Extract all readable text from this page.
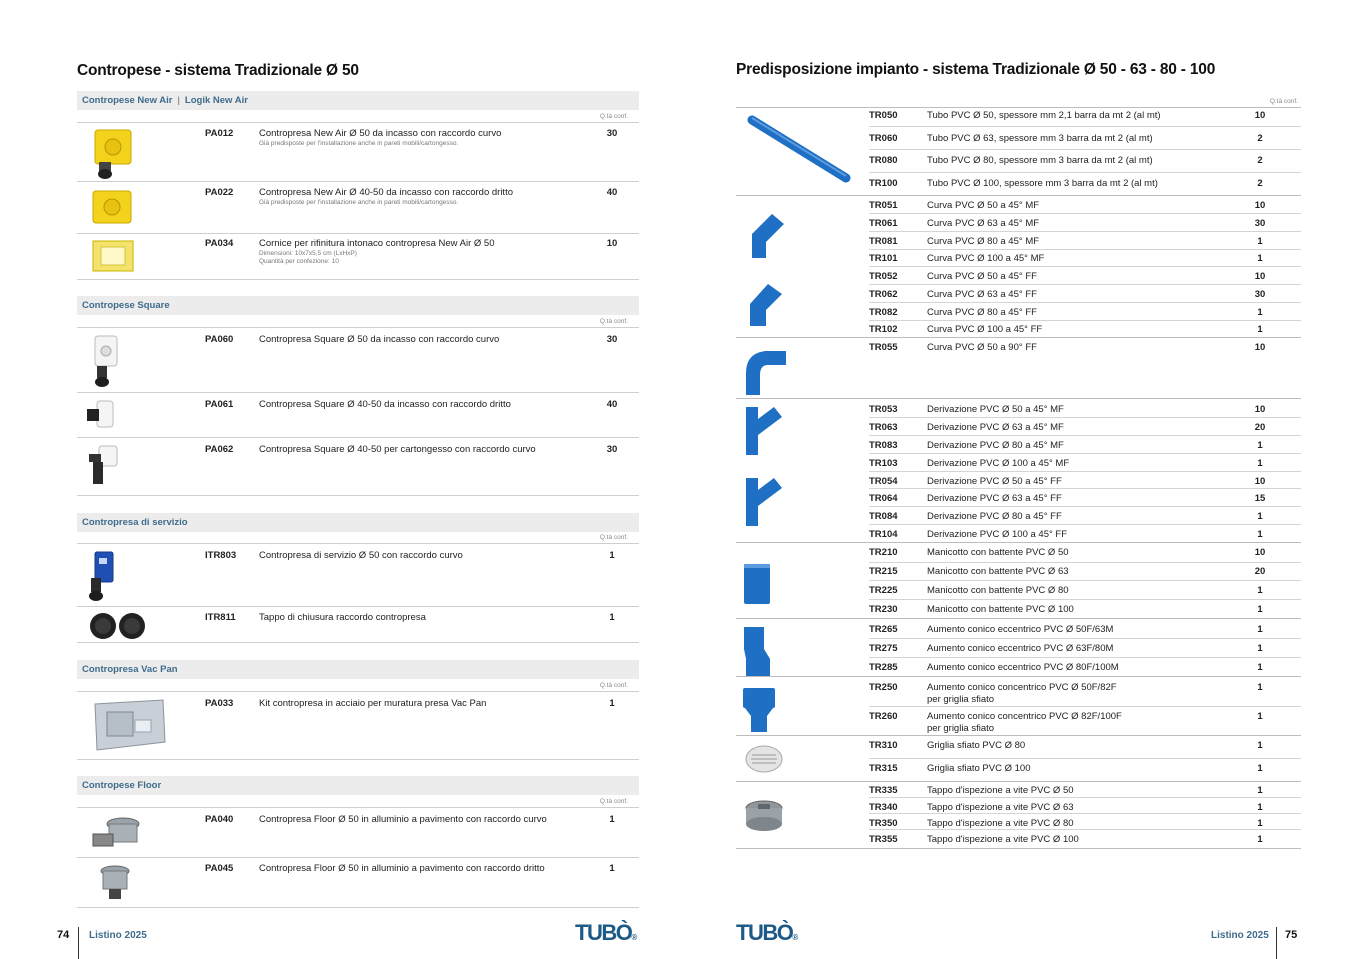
Contropese - sistema Tradizionale Ø 50
Contropese New Air | Logik New Air
Q.tà conf.
PA012	Contropresa New Air Ø 50 da incasso con raccordo curvo
Già predisposte per l'installazione anche in pareti mobili/cartongesso.
30
PA022	Contropresa New Air Ø 40-50 da incasso con raccordo dritto
Già predisposte per l'installazione anche in pareti mobili/cartongesso.
40
PA034	Cornice per rifinitura intonaco contropresa New Air Ø 50
Dimensioni: 10x7x5,5 cm (LxHxP)
Quantità per confezione: 10
10
Contropese Square
Q.tà conf.
PA060	Contropresa Square Ø 50 da incasso con raccordo curvo	30
PA061	Contropresa Square Ø 40-50 da incasso con raccordo dritto	40
PA062	Contropresa Square Ø 40-50 per cartongesso con raccordo curvo	30
Contropresa di servizio
Q.tà conf.
ITR803 Contropresa di servizio Ø 50 con raccordo curvo	1
ITR811 Tappo di chiusura raccordo contropresa	1
Contropresa Vac Pan
Q.tà conf.
PA033	Kit contropresa in acciaio per muratura presa Vac Pan	1
Contropese Floor
Q.tà conf.
PA040	Contropresa Floor Ø 50 in alluminio a pavimento con raccordo curvo	1
PA045	Contropresa Floor Ø 50 in alluminio a pavimento con raccordo dritto	1
74 Listino 2025	TUBÒ®
Predisposizione impianto - sistema Tradizionale Ø 50 - 63 - 80 - 100
Q.tà conf.
TR050	Tubo PVC Ø 50, spessore mm 2,1 barra da mt 2 (al mt)	10
TR060	Tubo PVC Ø 63, spessore mm 3 barra da mt 2 (al mt)	2
TR080	Tubo PVC Ø 80, spessore mm 3 barra da mt 2 (al mt)	2
TR100	Tubo PVC Ø 100, spessore mm 3 barra da mt 2 (al mt)	2
TR051	Curva PVC Ø 50 a 45° MF	10
TR061	Curva PVC Ø 63 a 45° MF	30
TR081	Curva PVC Ø 80 a 45° MF	1
TR101	Curva PVC Ø 100 a 45° MF	1
TR052	Curva PVC Ø 50 a 45° FF	10
TR062	Curva PVC Ø 63 a 45° FF	30
TR082	Curva PVC Ø 80 a 45° FF	1
TR102	Curva PVC Ø 100 a 45° FF	1
TR055	Curva PVC Ø 50 a 90° FF	10
TR053	Derivazione PVC Ø 50 a 45° MF	10
TR063	Derivazione PVC Ø 63 a 45° MF	20
TR083	Derivazione PVC Ø 80 a 45° MF	1
TR103	Derivazione PVC Ø 100 a 45° MF	1
TR054	Derivazione PVC Ø 50 a 45° FF	10
TR064	Derivazione PVC Ø 63 a 45° FF	15
TR084	Derivazione PVC Ø 80 a 45° FF	1
TR104	Derivazione PVC Ø 100 a 45° FF	1
TR210	Manicotto con battente PVC Ø 50	10
TR215	Manicotto con battente PVC Ø 63	20
TR225	Manicotto con battente PVC Ø 80	1
TR230	Manicotto con battente PVC Ø 100	1
TR265	Aumento conico eccentrico PVC Ø 50F/63M	1
TR275	Aumento conico eccentrico PVC Ø 63F/80M	1
TR285	Aumento conico eccentrico PVC Ø 80F/100M	1
TR250	Aumento conico concentrico PVC Ø 50F/82F
per griglia sfiato
1
TR260	Aumento conico concentrico PVC Ø 82F/100F
per griglia sfiato
1
TR310	Griglia sfiato PVC Ø 80	1
TR315	Griglia sfiato PVC Ø 100	1
TR335	Tappo d'ispezione a vite PVC Ø 50	1
TR340	Tappo d'ispezione a vite PVC Ø 63	1
TR350	Tappo d'ispezione a vite PVC Ø 80	1
TR355	Tappo d'ispezione a vite PVC Ø 100	1
TUBÒ®	Listino 2025 75
